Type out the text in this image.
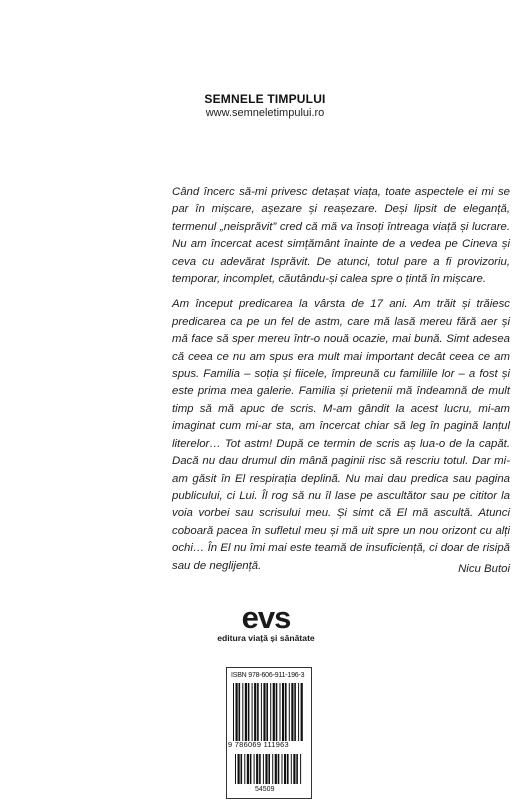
SEMNELE TIMPULUI
www.semneletimpului.ro

Când încerc să-mi privesc detașat viața, toate aspectele ei mi se par în mișcare, așezare și reașezare. Deși lipsit de eleganță, termenul „neisprăvit” cred că mă va însoți întreaga viață și lucrare. Nu am încercat acest simțământ înainte de a vedea pe Cineva și ceva cu adevărat Isprăvit. De atunci, totul pare a fi provizoriu, temporar, incomplet, căutându-și calea spre o țintă în mișcare.

Am început predicarea la vârsta de 17 ani. Am trăit și trăiesc predicarea ca pe un fel de astm, care mă lasă mereu fără aer și mă face să sper mereu într-o nouă ocazie, mai bună. Simt adesea că ceea ce nu am spus era mult mai important decât ceea ce am spus. Familia – soția și fiicele, împreună cu familiile lor – a fost și este prima mea galerie. Familia și prietenii mă îndeamnă de mult timp să mă apuc de scris. M-am gândit la acest lucru, mi-am imaginat cum mi-ar sta, am încercat chiar să leg în pagină lanțul literelor… Tot astm! După ce termin de scris aș lua-o de la capăt. Dacă nu dau drumul din mână paginii risc să rescriu totul. Dar mi-am găsit în El respirația deplină. Nu mai dau predica sau pagina publicului, ci Lui. Îl rog să nu îl lase pe ascultător sau pe cititor la voia vorbei sau scrisului meu. Și simt că El mă ascultă. Atunci coboară pacea în sufletul meu și mă uit spre un nou orizont cu alți ochi… În El nu îmi mai este teamă de insuficiență, ci doar de risipă sau de neglijență.	Nicu Butoi
evs
editura viață și sănătate
ISBN 978-606-911-196-3
9 786069 111963
54509
